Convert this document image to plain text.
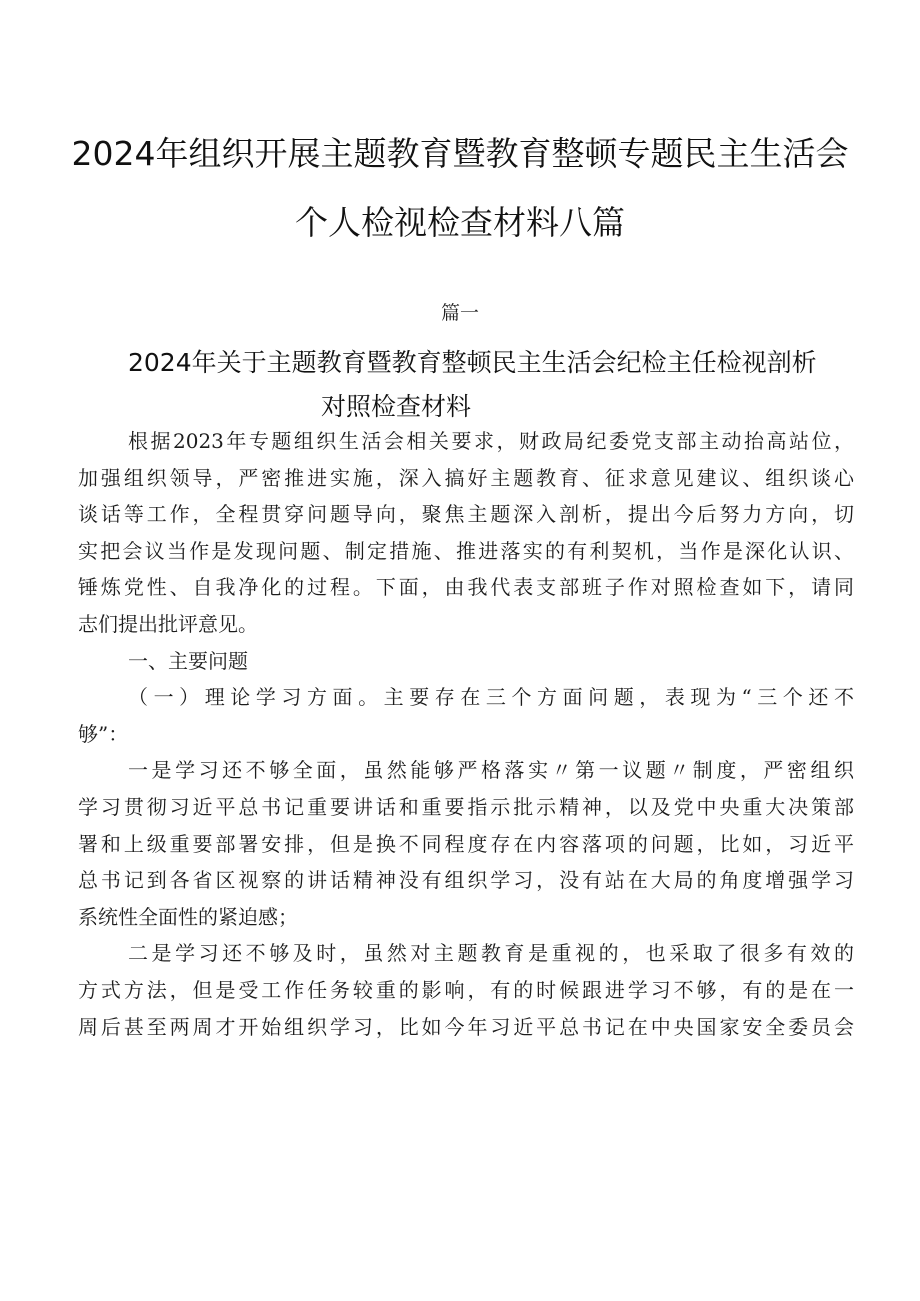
2024年组织开展主题教育暨教育整顿专题民主生活会
个人检视检查材料八篇
篇一
2024年关于主题教育暨教育整顿民主生活会纪检主任检视剖析
对照检查材料
根据2023年专题组织生活会相关要求，财政局纪委党支部主动抬高站位，
加强组织领导，严密推进实施，深入搞好主题教育、征求意见建议、组织谈心
谈话等工作，全程贯穿问题导向，聚焦主题深入剖析，提出今后努力方向，切
实把会议当作是发现问题、制定措施、推进落实的有利契机，当作是深化认识、
锤炼党性、自我净化的过程。下面，由我代表支部班子作对照检查如下，请同
志们提出批评意见。
一、主要问题
（一）理论学习方面。主要存在三个方面问题，表现为“三个还不
够”：
一是学习还不够全面，虽然能够严格落实〃第一议题〃制度，严密组织
学习贯彻习近平总书记重要讲话和重要指示批示精神，以及党中央重大决策部
署和上级重要部署安排，但是换不同程度存在内容落项的问题，比如，习近平
总书记到各省区视察的讲话精神没有组织学习，没有站在大局的角度增强学习
系统性全面性的紧迫感；
二是学习还不够及时，虽然对主题教育是重视的，也采取了很多有效的
方式方法，但是受工作任务较重的影响，有的时候跟进学习不够，有的是在一
周后甚至两周才开始组织学习，比如今年习近平总书记在中央国家安全委员会
